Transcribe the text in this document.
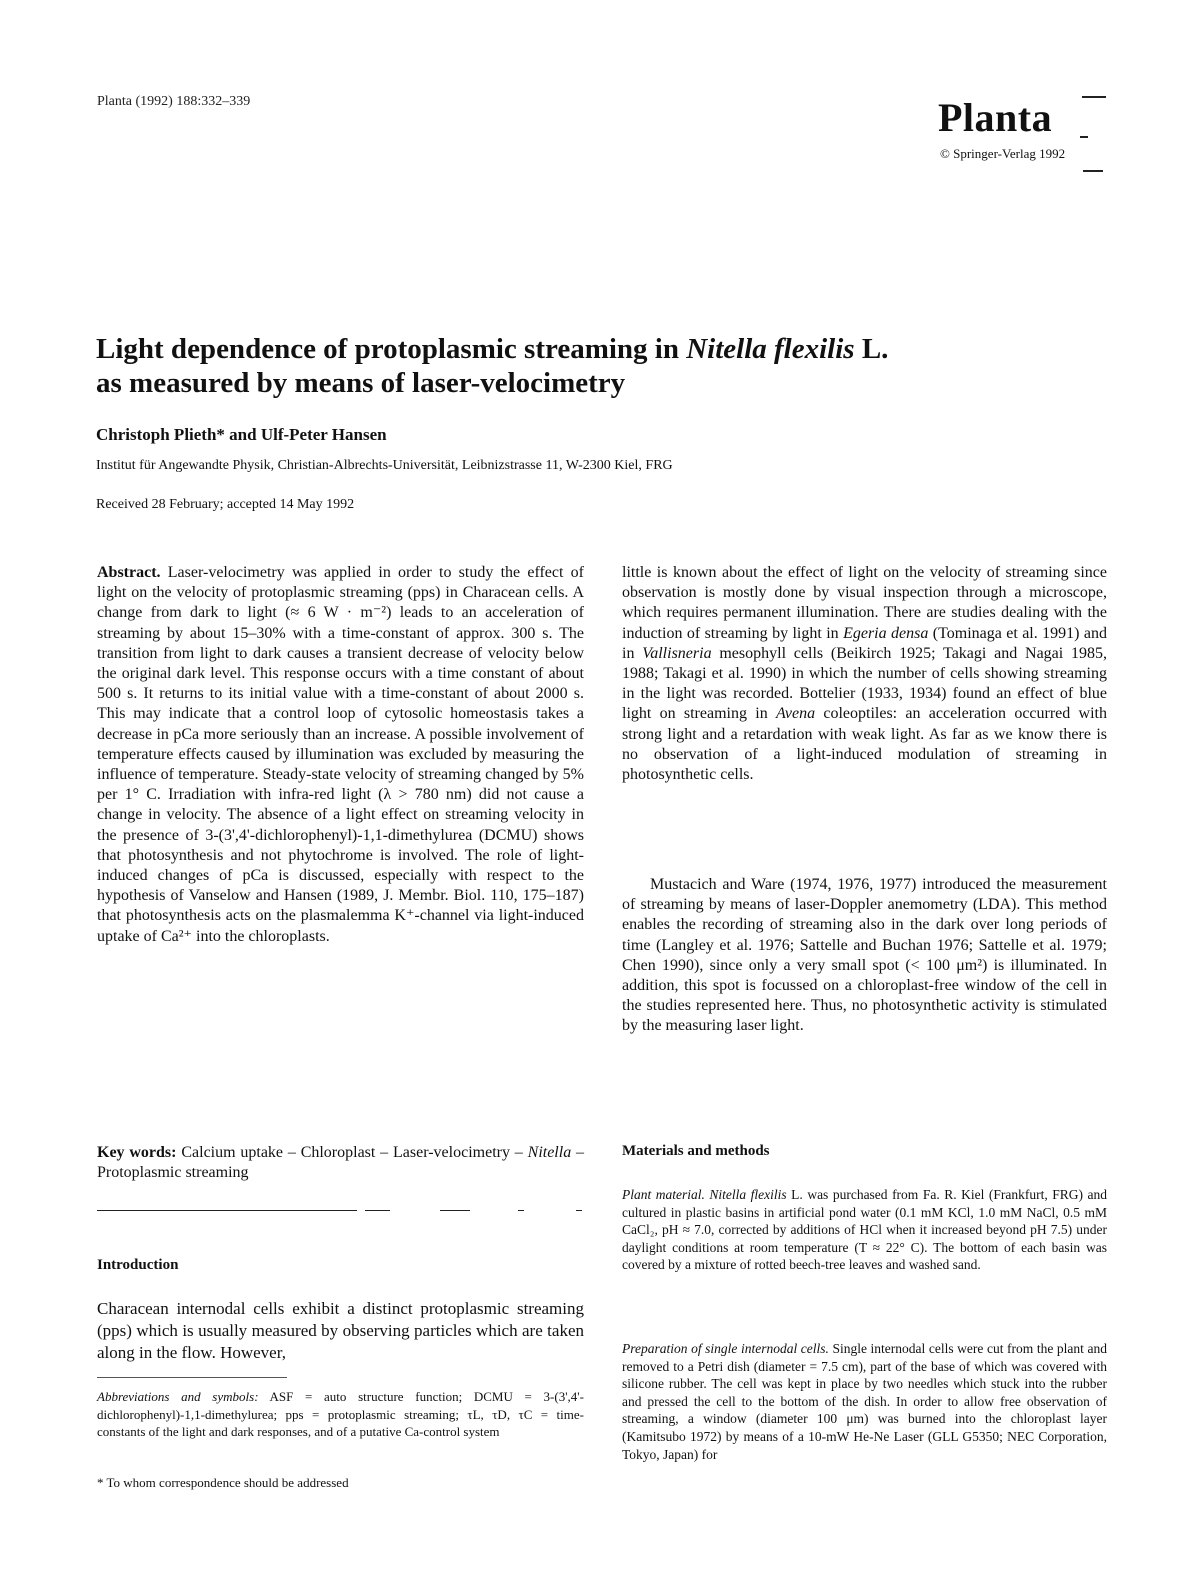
Planta (1992) 188:332–339	Planta
© Springer-Verlag 1992
Light dependence of protoplasmic streaming in Nitella flexilis L.
as measured by means of laser-velocimetry
Christoph Plieth* and Ulf-Peter Hansen
Institut für Angewandte Physik, Christian-Albrechts-Universität, Leibnizstrasse 11, W-2300 Kiel, FRG
Received 28 February; accepted 14 May 1992

Abstract. Laser-velocimetry was applied in order to study the effect of light on the velocity of protoplasmic streaming (pps) in Characean cells. A change from dark to light (≈ 6 W · m⁻²) leads to an acceleration of streaming by about 15–30% with a time-constant of approx. 300 s. The transition from light to dark causes a transient decrease of velocity below the original dark level. This response occurs with a time constant of about 500 s. It returns to its initial value with a time-constant of about 2000 s. This may indicate that a control loop of cytosolic homeostasis takes a decrease in pCa more seriously than an increase. A possible involvement of temperature effects caused by illumination was excluded by measuring the influence of temperature. Steady-state velocity of streaming changed by 5% per 1° C. Irradiation with infra-red light (λ > 780 nm) did not cause a change in velocity. The absence of a light effect on streaming velocity in the presence of 3-(3',4'-dichlorophenyl)-1,1-dimethylurea (DCMU) shows that photosynthesis and not phytochrome is involved. The role of light-induced changes of pCa is discussed, especially with respect to the hypothesis of Vanselow and Hansen (1989, J. Membr. Biol. 110, 175–187) that photosynthesis acts on the plasmalemma K⁺-channel via light-induced uptake of Ca²⁺ into the chloroplasts.

Key words: Calcium uptake – Chloroplast – Laser-velocimetry – Nitella – Protoplasmic streaming

Introduction

Characean internodal cells exhibit a distinct protoplasmic streaming (pps) which is usually measured by observing particles which are taken along in the flow. However,

Abbreviations and symbols: ASF = auto structure function; DCMU = 3-(3',4'-dichlorophenyl)-1,1-dimethylurea; pps = protoplasmic streaming; τL, τD, τC = time-constants of the light and dark responses, and of a putative Ca-control system

* To whom correspondence should be addressed

little is known about the effect of light on the velocity of streaming since observation is mostly done by visual inspection through a microscope, which requires permanent illumination. There are studies dealing with the induction of streaming by light in Egeria densa (Tominaga et al. 1991) and in Vallisneria mesophyll cells (Beikirch 1925; Takagi and Nagai 1985, 1988; Takagi et al. 1990) in which the number of cells showing streaming in the light was recorded. Bottelier (1933, 1934) found an effect of blue light on streaming in Avena coleoptiles: an acceleration occurred with strong light and a retardation with weak light. As far as we know there is no observation of a light-induced modulation of streaming in photosynthetic cells.

Mustacich and Ware (1974, 1976, 1977) introduced the measurement of streaming by means of laser-Doppler anemometry (LDA). This method enables the recording of streaming also in the dark over long periods of time (Langley et al. 1976; Sattelle and Buchan 1976; Sattelle et al. 1979; Chen 1990), since only a very small spot (< 100 μm²) is illuminated. In addition, this spot is focussed on a chloroplast-free window of the cell in the studies represented here. Thus, no photosynthetic activity is stimulated by the measuring laser light.

Materials and methods

Plant material. Nitella flexilis L. was purchased from Fa. R. Kiel (Frankfurt, FRG) and cultured in plastic basins in artificial pond water (0.1 mM KCl, 1.0 mM NaCl, 0.5 mM CaCl₂, pH ≈ 7.0, corrected by additions of HCl when it increased beyond pH 7.5) under daylight conditions at room temperature (T ≈ 22° C). The bottom of each basin was covered by a mixture of rotted beech-tree leaves and washed sand.

Preparation of single internodal cells. Single internodal cells were cut from the plant and removed to a Petri dish (diameter = 7.5 cm), part of the base of which was covered with silicone rubber. The cell was kept in place by two needles which stuck into the rubber and pressed the cell to the bottom of the dish. In order to allow free observation of streaming, a window (diameter 100 μm) was burned into the chloroplast layer (Kamitsubo 1972) by means of a 10-mW He-Ne Laser (GLL G5350; NEC Corporation, Tokyo, Japan) for
